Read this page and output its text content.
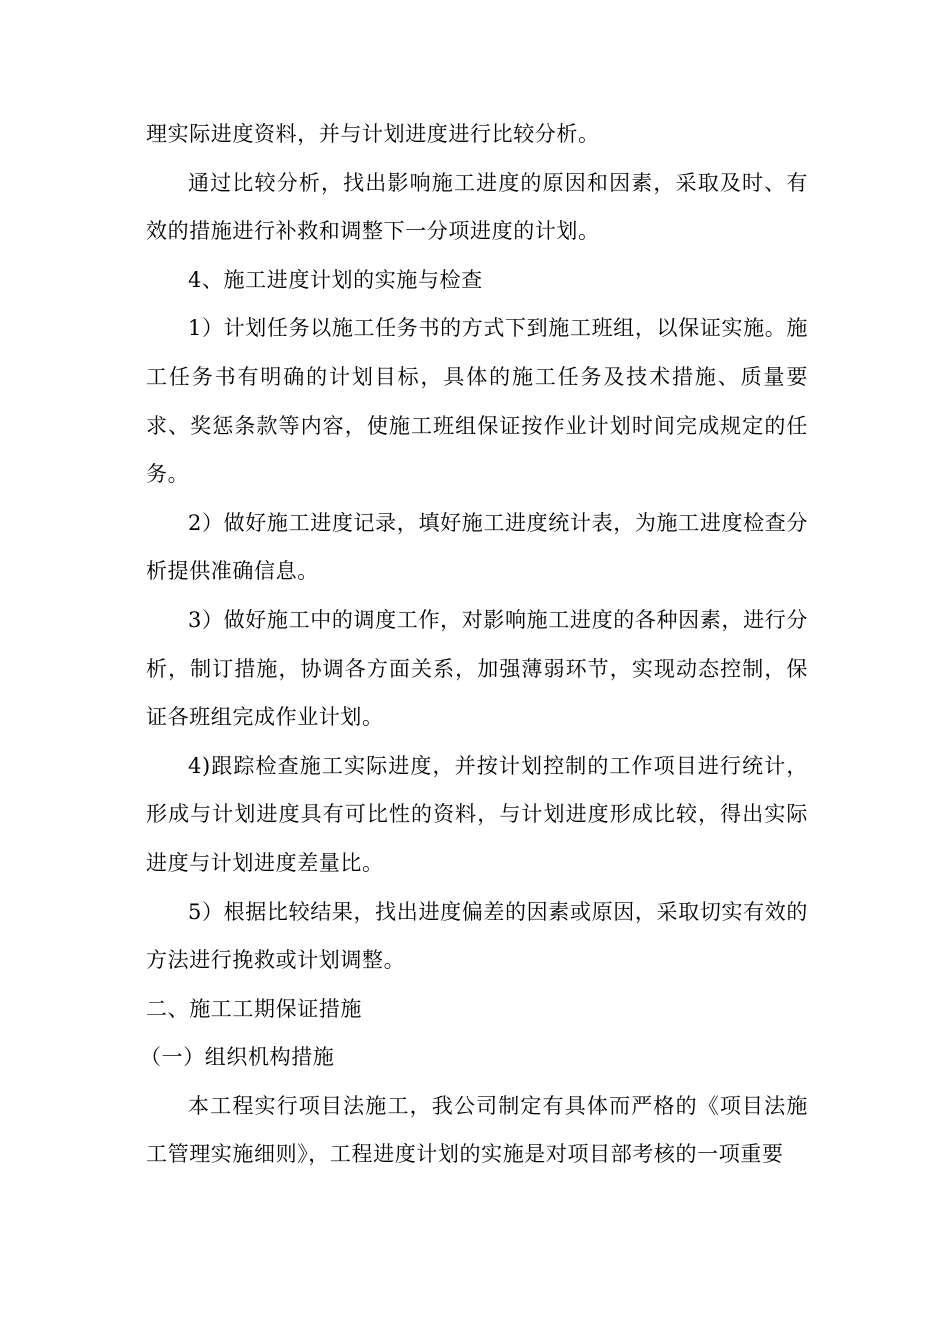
理实际进度资料，并与计划进度进行比较分析。

通过比较分析，找出影响施工进度的原因和因素，采取及时、有效的措施进行补救和调整下一分项进度的计划。

4、施工进度计划的实施与检查

1）计划任务以施工任务书的方式下到施工班组，以保证实施。施工任务书有明确的计划目标，具体的施工任务及技术措施、质量要求、奖惩条款等内容，使施工班组保证按作业计划时间完成规定的任务。

2）做好施工进度记录，填好施工进度统计表，为施工进度检查分析提供准确信息。

3）做好施工中的调度工作，对影响施工进度的各种因素，进行分析，制订措施，协调各方面关系，加强薄弱环节，实现动态控制，保证各班组完成作业计划。

4)跟踪检查施工实际进度，并按计划控制的工作项目进行统计，形成与计划进度具有可比性的资料，与计划进度形成比较，得出实际进度与计划进度差量比。

5）根据比较结果，找出进度偏差的因素或原因，采取切实有效的方法进行挽救或计划调整。

二、施工工期保证措施

（一）组织机构措施

本工程实行项目法施工，我公司制定有具体而严格的《项目法施工管理实施细则》，工程进度计划的实施是对项目部考核的一项重要
